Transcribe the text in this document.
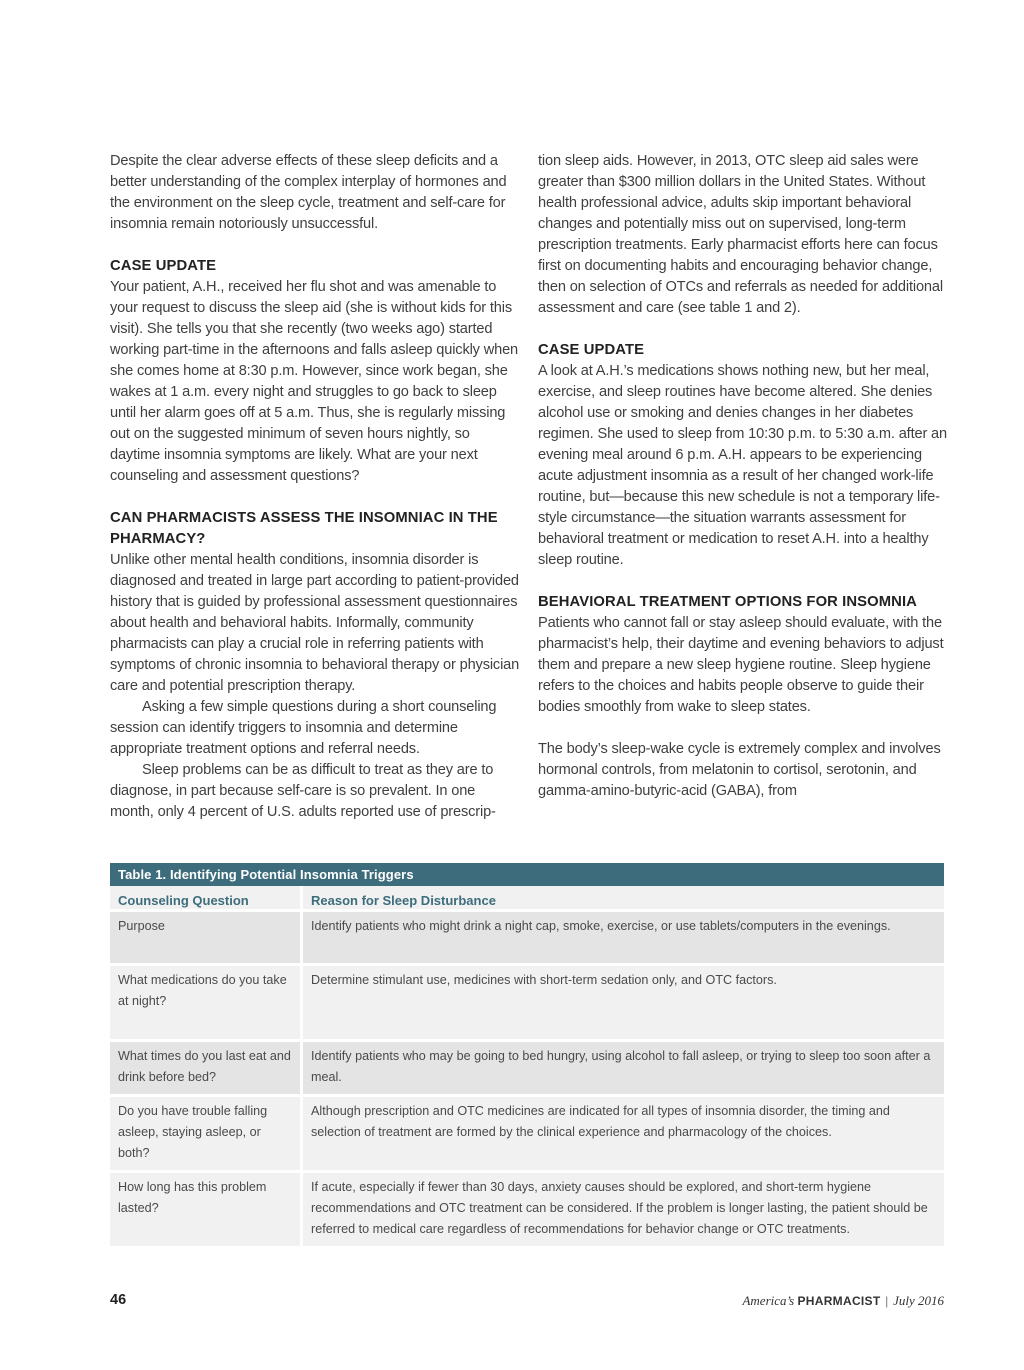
Despite the clear adverse effects of these sleep deficits and a better understanding of the complex interplay of hormones and the environment on the sleep cycle, treatment and self-care for insomnia remain notoriously unsuccessful.

CASE UPDATE

Your patient, A.H., received her flu shot and was amenable to your request to discuss the sleep aid (she is without kids for this visit). She tells you that she recently (two weeks ago) started working part-time in the afternoons and falls asleep quickly when she comes home at 8:30 p.m. However, since work began, she wakes at 1 a.m. every night and struggles to go back to sleep until her alarm goes off at 5 a.m. Thus, she is regularly missing out on the suggested minimum of seven hours nightly, so daytime insomnia symptoms are likely. What are your next counseling and assessment questions?

CAN PHARMACISTS ASSESS THE INSOMNIAC IN THE PHARMACY?

Unlike other mental health conditions, insomnia disorder is diagnosed and treated in large part according to patient-provided history that is guided by professional assessment questionnaires about health and behavioral habits. Informally, community pharmacists can play a crucial role in referring patients with symptoms of chronic insomnia to behavioral therapy or physician care and potential prescription therapy.

Asking a few simple questions during a short counseling session can identify triggers to insomnia and determine appropriate treatment options and referral needs.

Sleep problems can be as difficult to treat as they are to diagnose, in part because self-care is so prevalent. In one month, only 4 percent of U.S. adults reported use of prescrip-

tion sleep aids. However, in 2013, OTC sleep aid sales were greater than $300 million dollars in the United States. Without health professional advice, adults skip important behavioral changes and potentially miss out on supervised, long-term prescription treatments. Early pharmacist efforts here can focus first on documenting habits and encouraging behavior change, then on selection of OTCs and referrals as needed for additional assessment and care (see table 1 and 2).

CASE UPDATE

A look at A.H.’s medications shows nothing new, but her meal, exercise, and sleep routines have become altered. She denies alcohol use or smoking and denies changes in her diabetes regimen. She used to sleep from 10:30 p.m. to 5:30 a.m. after an evening meal around 6 p.m. A.H. appears to be experiencing acute adjustment insomnia as a result of her changed work-life routine, but—because this new schedule is not a temporary life-style circumstance—the situation warrants assessment for behavioral treatment or medication to reset A.H. into a healthy sleep routine.

BEHAVIORAL TREATMENT OPTIONS FOR INSOMNIA

Patients who cannot fall or stay asleep should evaluate, with the pharmacist’s help, their daytime and evening behaviors to adjust them and prepare a new sleep hygiene routine. Sleep hygiene refers to the choices and habits people observe to guide their bodies smoothly from wake to sleep states.

The body’s sleep-wake cycle is extremely complex and involves hormonal controls, from melatonin to cortisol, serotonin, and gamma-amino-butyric-acid (GABA), from

Table 1. Identifying Potential Insomnia Triggers
Counseling Question	Reason for Sleep Disturbance
Purpose	Identify patients who might drink a night cap, smoke, exercise, or use tablets/computers in the evenings.
What medications do you take at night?	Determine stimulant use, medicines with short-term sedation only, and OTC factors.
What times do you last eat and drink before bed?	Identify patients who may be going to bed hungry, using alcohol to fall asleep, or trying to sleep too soon after a meal.
Do you have trouble falling asleep, staying asleep, or both?	Although prescription and OTC medicines are indicated for all types of insomnia disorder, the timing and selection of treatment are formed by the clinical experience and pharmacology of the choices.
How long has this problem lasted?	If acute, especially if fewer than 30 days, anxiety causes should be explored, and short-term hygiene recommendations and OTC treatment can be considered. If the problem is longer lasting, the patient should be referred to medical care regardless of recommendations for behavior change or OTC treatments.
46	America’s PHARMACIST | July 2016
